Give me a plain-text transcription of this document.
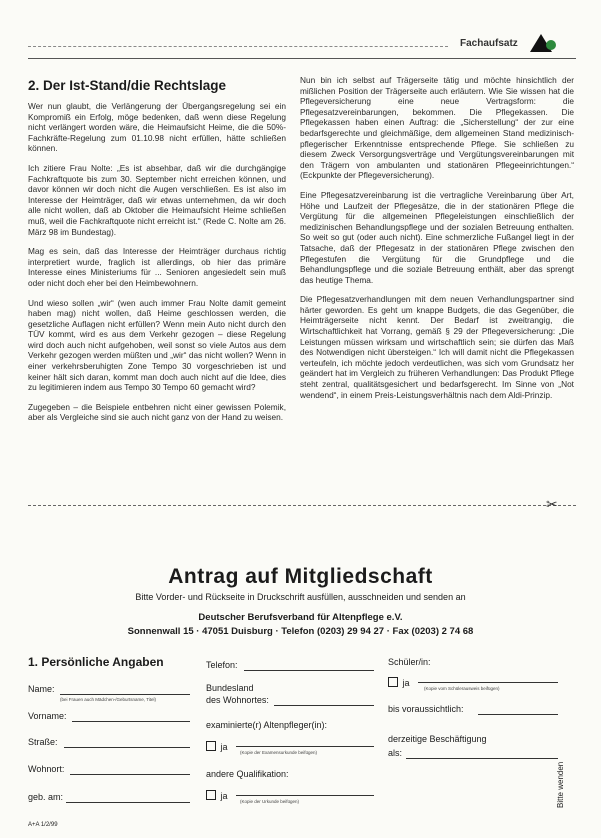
Fachaufsatz
2. Der Ist-Stand/die Rechtslage

Wer nun glaubt, die Verlängerung der Übergangsregelung sei ein Kompromiß ein Erfolg, möge bedenken, daß wenn diese Regelung nicht verlängert worden wäre, die Heimaufsicht Heime, die die 50%-Fachkräfte-Regelung zum 01.10.98 nicht erfüllen, hätte schließen können.

Ich zitiere Frau Nolte: „Es ist absehbar, daß wir die durchgängige Fachkraftquote bis zum 30. September nicht erreichen können, und davor können wir doch nicht die Augen verschließen. Es ist also im Interesse der Heimträger, daß wir etwas unternehmen, da wir doch alle nicht wollen, daß ab Oktober die Heimaufsicht Heime schließen muß, weil die Fachkraftquote nicht erreicht ist.“ (Rede C. Nolte am 26. März 98 im Bundestag).

Mag es sein, daß das Interesse der Heimträger durchaus richtig interpretiert wurde, fraglich ist allerdings, ob hier das primäre Interesse eines Ministeriums für ... Senioren angesiedelt sein muß oder nicht doch eher bei den Heimbewohnern.

Und wieso sollen „wir“ (wen auch immer Frau Nolte damit gemeint haben mag) nicht wollen, daß Heime geschlossen werden, die gesetzliche Auflagen nicht erfüllen? Wenn mein Auto nicht durch den TÜV kommt, wird es aus dem Verkehr gezogen – diese Regelung wird doch auch nicht aufgehoben, weil sonst so viele Autos aus dem Verkehr gezogen werden müßten und „wir“ das nicht wollen? Wenn in einer verkehrsberuhigten Zone Tempo 30 vorgeschrieben ist und keiner hält sich daran, kommt man doch auch nicht auf die Idee, dies zu legitimieren indem aus Tempo 30 Tempo 60 gemacht wird?

Zugegeben – die Beispiele entbehren nicht einer gewissen Polemik, aber als Vergleiche sind sie auch nicht ganz von der Hand zu weisen.

Nun bin ich selbst auf Trägerseite tätig und möchte hinsichtlich der mißlichen Position der Trägerseite auch erläutern. Wie Sie wissen hat die Pflegeversicherung eine neue Vertragsform: die Pflegesatzvereinbarungen, bekommen. Die Pflegekassen. Die Pflegekassen haben einen Auftrag: die „Sicherstellung“ der zur eine bedarfsgerechte und gleichmäßige, dem allgemeinen Stand medizinisch-pflegerischer Erkenntnisse entsprechende Pflege. Sie schließen zu diesem Zweck Versorgungsverträge und Vergütungsvereinbarungen mit den Trägern von ambulanten und stationären Pflegeeinrichtungen.“ (Eckpunkte der Pflegeversicherung).

Eine Pflegesatzvereinbarung ist die vertragliche Vereinbarung über Art, Höhe und Laufzeit der Pflegesätze, die in der stationären Pflege die Vergütung für die allgemeinen Pflegeleistungen einschließlich der medizinischen Behandlungspflege und der sozialen Betreuung enthalten. So weit so gut (oder auch nicht). Eine schmerzliche Fußangel liegt in der Tatsache, daß der Pflegesatz in der stationären Pflege zwischen den Pflegestufen die Vergütung für die Grundpflege und die Behandlungspflege und die soziale Betreuung enthält, aber das sprengt das heutige Thema.

Die Pflegesatzverhandlungen mit dem neuen Verhandlungspartner sind härter geworden. Es geht um knappe Budgets, die das Gegenüber, die Heimträgerseite nicht kennt. Der Bedarf ist zweitrangig, die Wirtschaftlichkeit hat Vorrang, gemäß § 29 der Pflegeversicherung: „Die Leistungen müssen wirksam und wirtschaftlich sein; sie dürfen das Maß des Notwendigen nicht übersteigen.“ Ich will damit nicht die Pflegekassen verteufeln, ich möchte jedoch verdeutlichen, was sich vom Grundsatz her geändert hat im Vergleich zu früheren Verhandlungen: Das Produkt Pflege steht zentral, qualitätsgesichert und bedarfsgerecht. Im Sinne von „Not wendend“, in einem Preis-Leistungsverhältnis nach dem Aldi-Prinzip.

✂
Antrag auf Mitgliedschaft
Bitte Vorder- und Rückseite in Druckschrift ausfüllen, ausschneiden und senden an
Deutscher Berufsverband für Altenpflege e.V.
Sonnenwall 15 · 47051 Duisburg · Telefon (0203) 29 94 27 · Fax (0203) 2 74 68
1. Persönliche Angaben
Name:
(bei Frauen auch Mädchen-/Geburtsname, Titel)
Vorname:
Straße:
Wohnort:
geb. am:
Telefon:
Bundesland
des Wohnortes:
examinierte(r) Altenpfleger(in):
ja
(Kopie der Examensurkunde beifügen)
andere Qualifikation:
ja
(Kopie der Urkunde beifügen)
Schüler/in:
ja
(Kopie vom Schülerausweis beifügen)
bis voraussichtlich:
derzeitige Beschäftigung
als:
Bitte wenden
A+A 1/2/99
